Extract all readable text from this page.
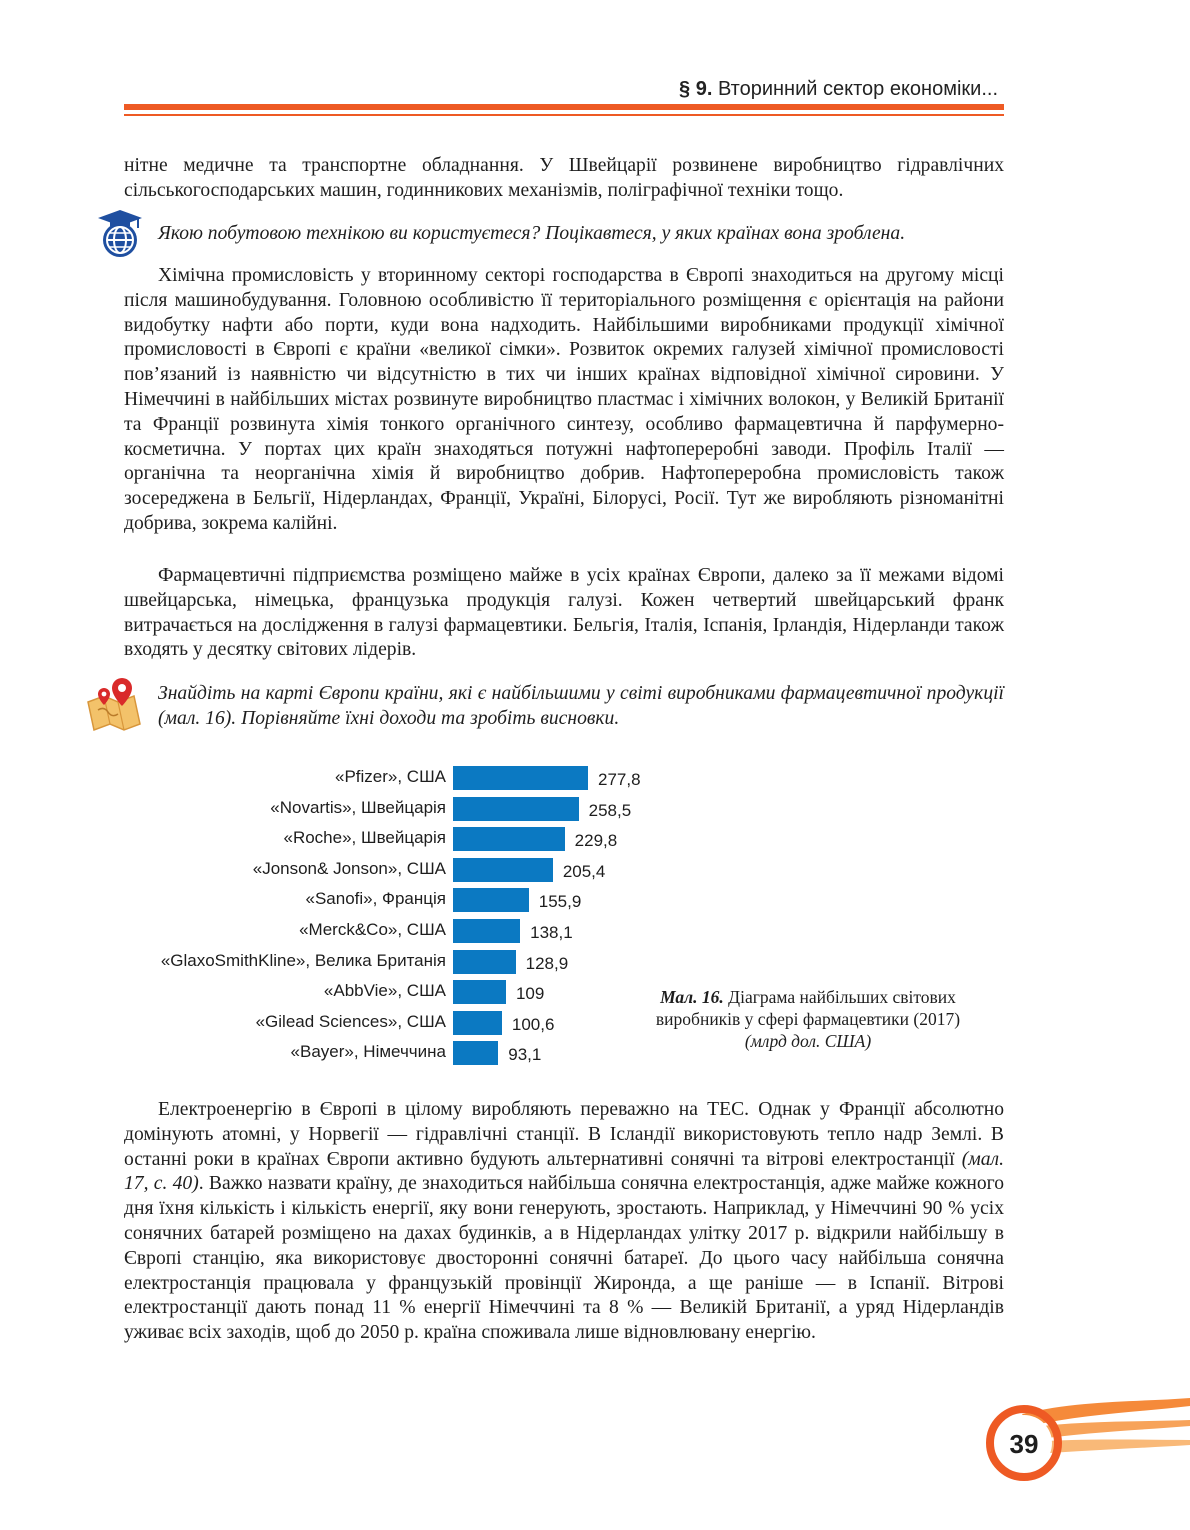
§ 9. Вторинний сектор економіки...

нітне медичне та транспортне обладнання. У Швейцарії розвинене виробництво гідравлічних сільськогосподарських машин, годинникових механізмів, поліграфічної техніки тощо.

Якою побутовою технікою ви користуєтеся? Поцікавтеся, у яких країнах вона зроблена.

Хімічна промисловість у вторинному секторі господарства в Європі знаходиться на другому місці після машинобудування. Головною особливістю її територіального розміщення є орієнтація на райони видобутку нафти або порти, куди вона надходить. Найбільшими виробниками продукції хімічної промисловості в Європі є країни «великої сімки». Розвиток окремих галузей хімічної промисловості пов’язаний із наявністю чи відсутністю в тих чи інших країнах відповідної хімічної сировини. У Німеччині в найбільших містах розвинуте виробництво пластмас і хімічних волокон, у Великій Британії та Франції розвинута хімія тонкого органічного синтезу, особливо фармацевтична й парфумерно-косметична. У портах цих країн знаходяться потужні нафтопереробні заводи. Профіль Італії — органічна та неорганічна хімія й виробництво добрив. Нафтопереробна промисловість також зосереджена в Бельгії, Нідерландах, Франції, Україні, Білорусі, Росії. Тут же виробляють різноманітні добрива, зокрема калійні.

Фармацевтичні підприємства розміщено майже в усіх країнах Європи, далеко за її межами відомі швейцарська, німецька, французька продукція галузі. Кожен четвертий швейцарський франк витрачається на дослідження в галузі фармацевтики. Бельгія, Італія, Іспанія, Ірландія, Нідерланди також входять у десятку світових лідерів.

Знайдіть на карті Європи країни, які є найбільшими у світі виробниками фармацевтичної продукції (мал. 16). Порівняйте їхні доходи та зробіть висновки.

«Pfizer», США	277,8
«Novartis», Швейцарія	258,5
«Roche», Швейцарія	229,8
«Jonson& Jonson», США	205,4
«Sanofi», Франція	155,9
«Merck&Co», США	138,1
«GlaxoSmithKline», Велика Британія	128,9
«AbbVie», США	109
«Gilead Sciences», США	100,6
«Bayer», Німеччина	93,1
Мал. 16. Діаграма найбільших світових виробників у сфері фармацевтики (2017) (млрд дол. США)

Електроенергію в Європі в цілому виробляють переважно на ТЕС. Однак у Франції абсолютно домінують атомні, у Норвегії — гідравлічні станції. В Ісландії використовують тепло надр Землі. В останні роки в країнах Європи активно будують альтернативні сонячні та вітрові електростанції (мал. 17, с. 40). Важко назвати країну, де знаходиться найбільша сонячна електростанція, адже майже кожного дня їхня кількість і кількість енергії, яку вони генерують, зростають. Наприклад, у Німеччині 90 % усіх сонячних батарей розміщено на дахах будинків, а в Нідерландах улітку 2017 р. відкрили найбільшу в Європі станцію, яка використовує двосторонні сонячні батареї. До цього часу найбільша сонячна електростанція працювала у французькій провінції Жиронда, а ще раніше — в Іспанії. Вітрові електростанції дають понад 11 % енергії Німеччині та 8 % — Великій Британії, а уряд Нідерландів уживає всіх заходів, щоб до 2050 р. країна споживала лише відновлювану енергію.

39
